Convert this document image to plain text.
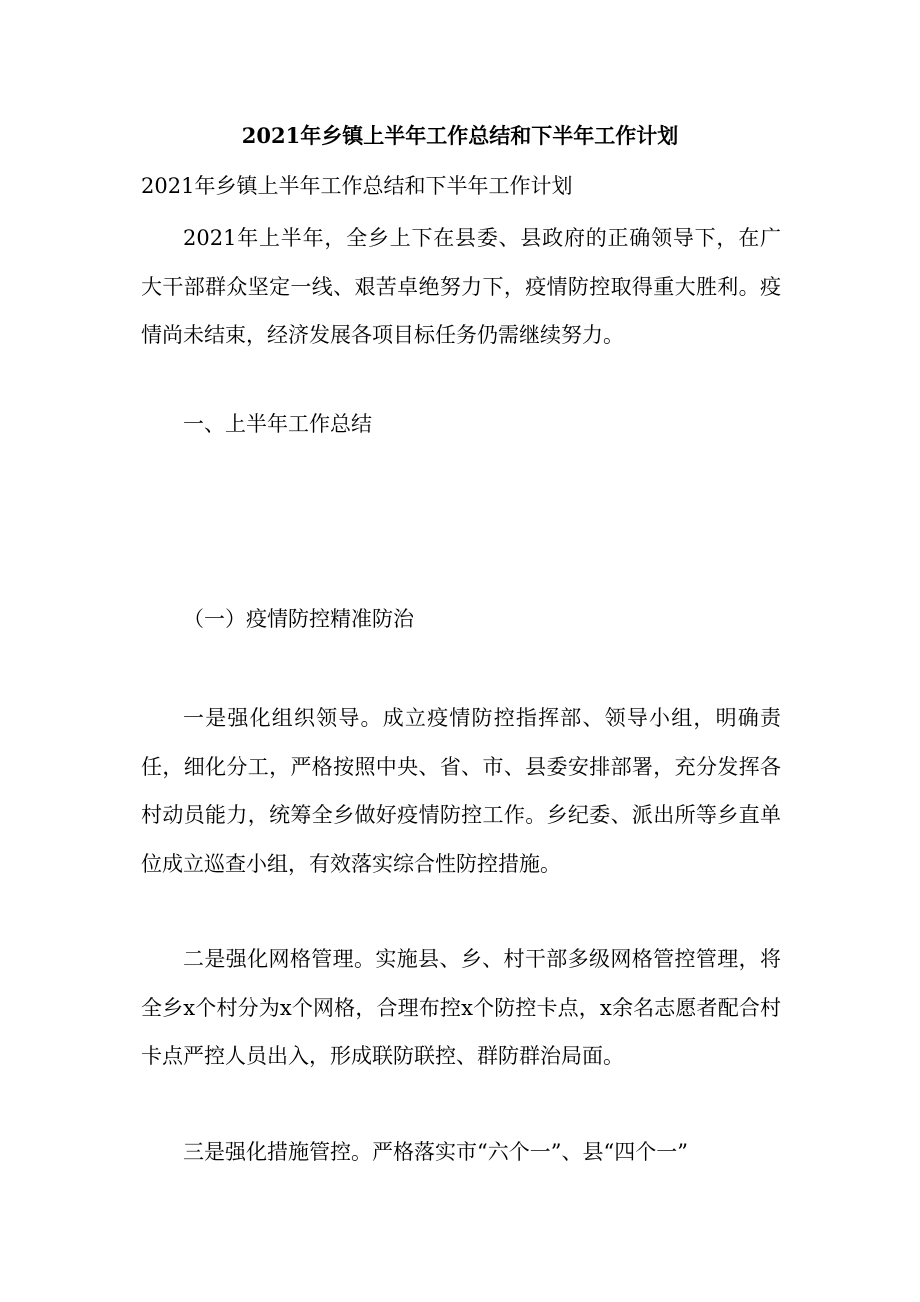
2021年乡镇上半年工作总结和下半年工作计划
2021年乡镇上半年工作总结和下半年工作计划

2021年上半年，全乡上下在县委、县政府的正确领导下，在广大干部群众坚定一线、艰苦卓绝努力下，疫情防控取得重大胜利。疫情尚未结束，经济发展各项目标任务仍需继续努力。

一、上半年工作总结
（一）疫情防控精准防治

一是强化组织领导。成立疫情防控指挥部、领导小组，明确责任，细化分工，严格按照中央、省、市、县委安排部署，充分发挥各村动员能力，统筹全乡做好疫情防控工作。乡纪委、派出所等乡直单位成立巡查小组，有效落实综合性防控措施。

二是强化网格管理。实施县、乡、村干部多级网格管控管理，将全乡x个村分为x个网格，合理布控x个防控卡点，x余名志愿者配合村卡点严控人员出入，形成联防联控、群防群治局面。

三是强化措施管控。严格落实市“六个一”、县“四个一”
